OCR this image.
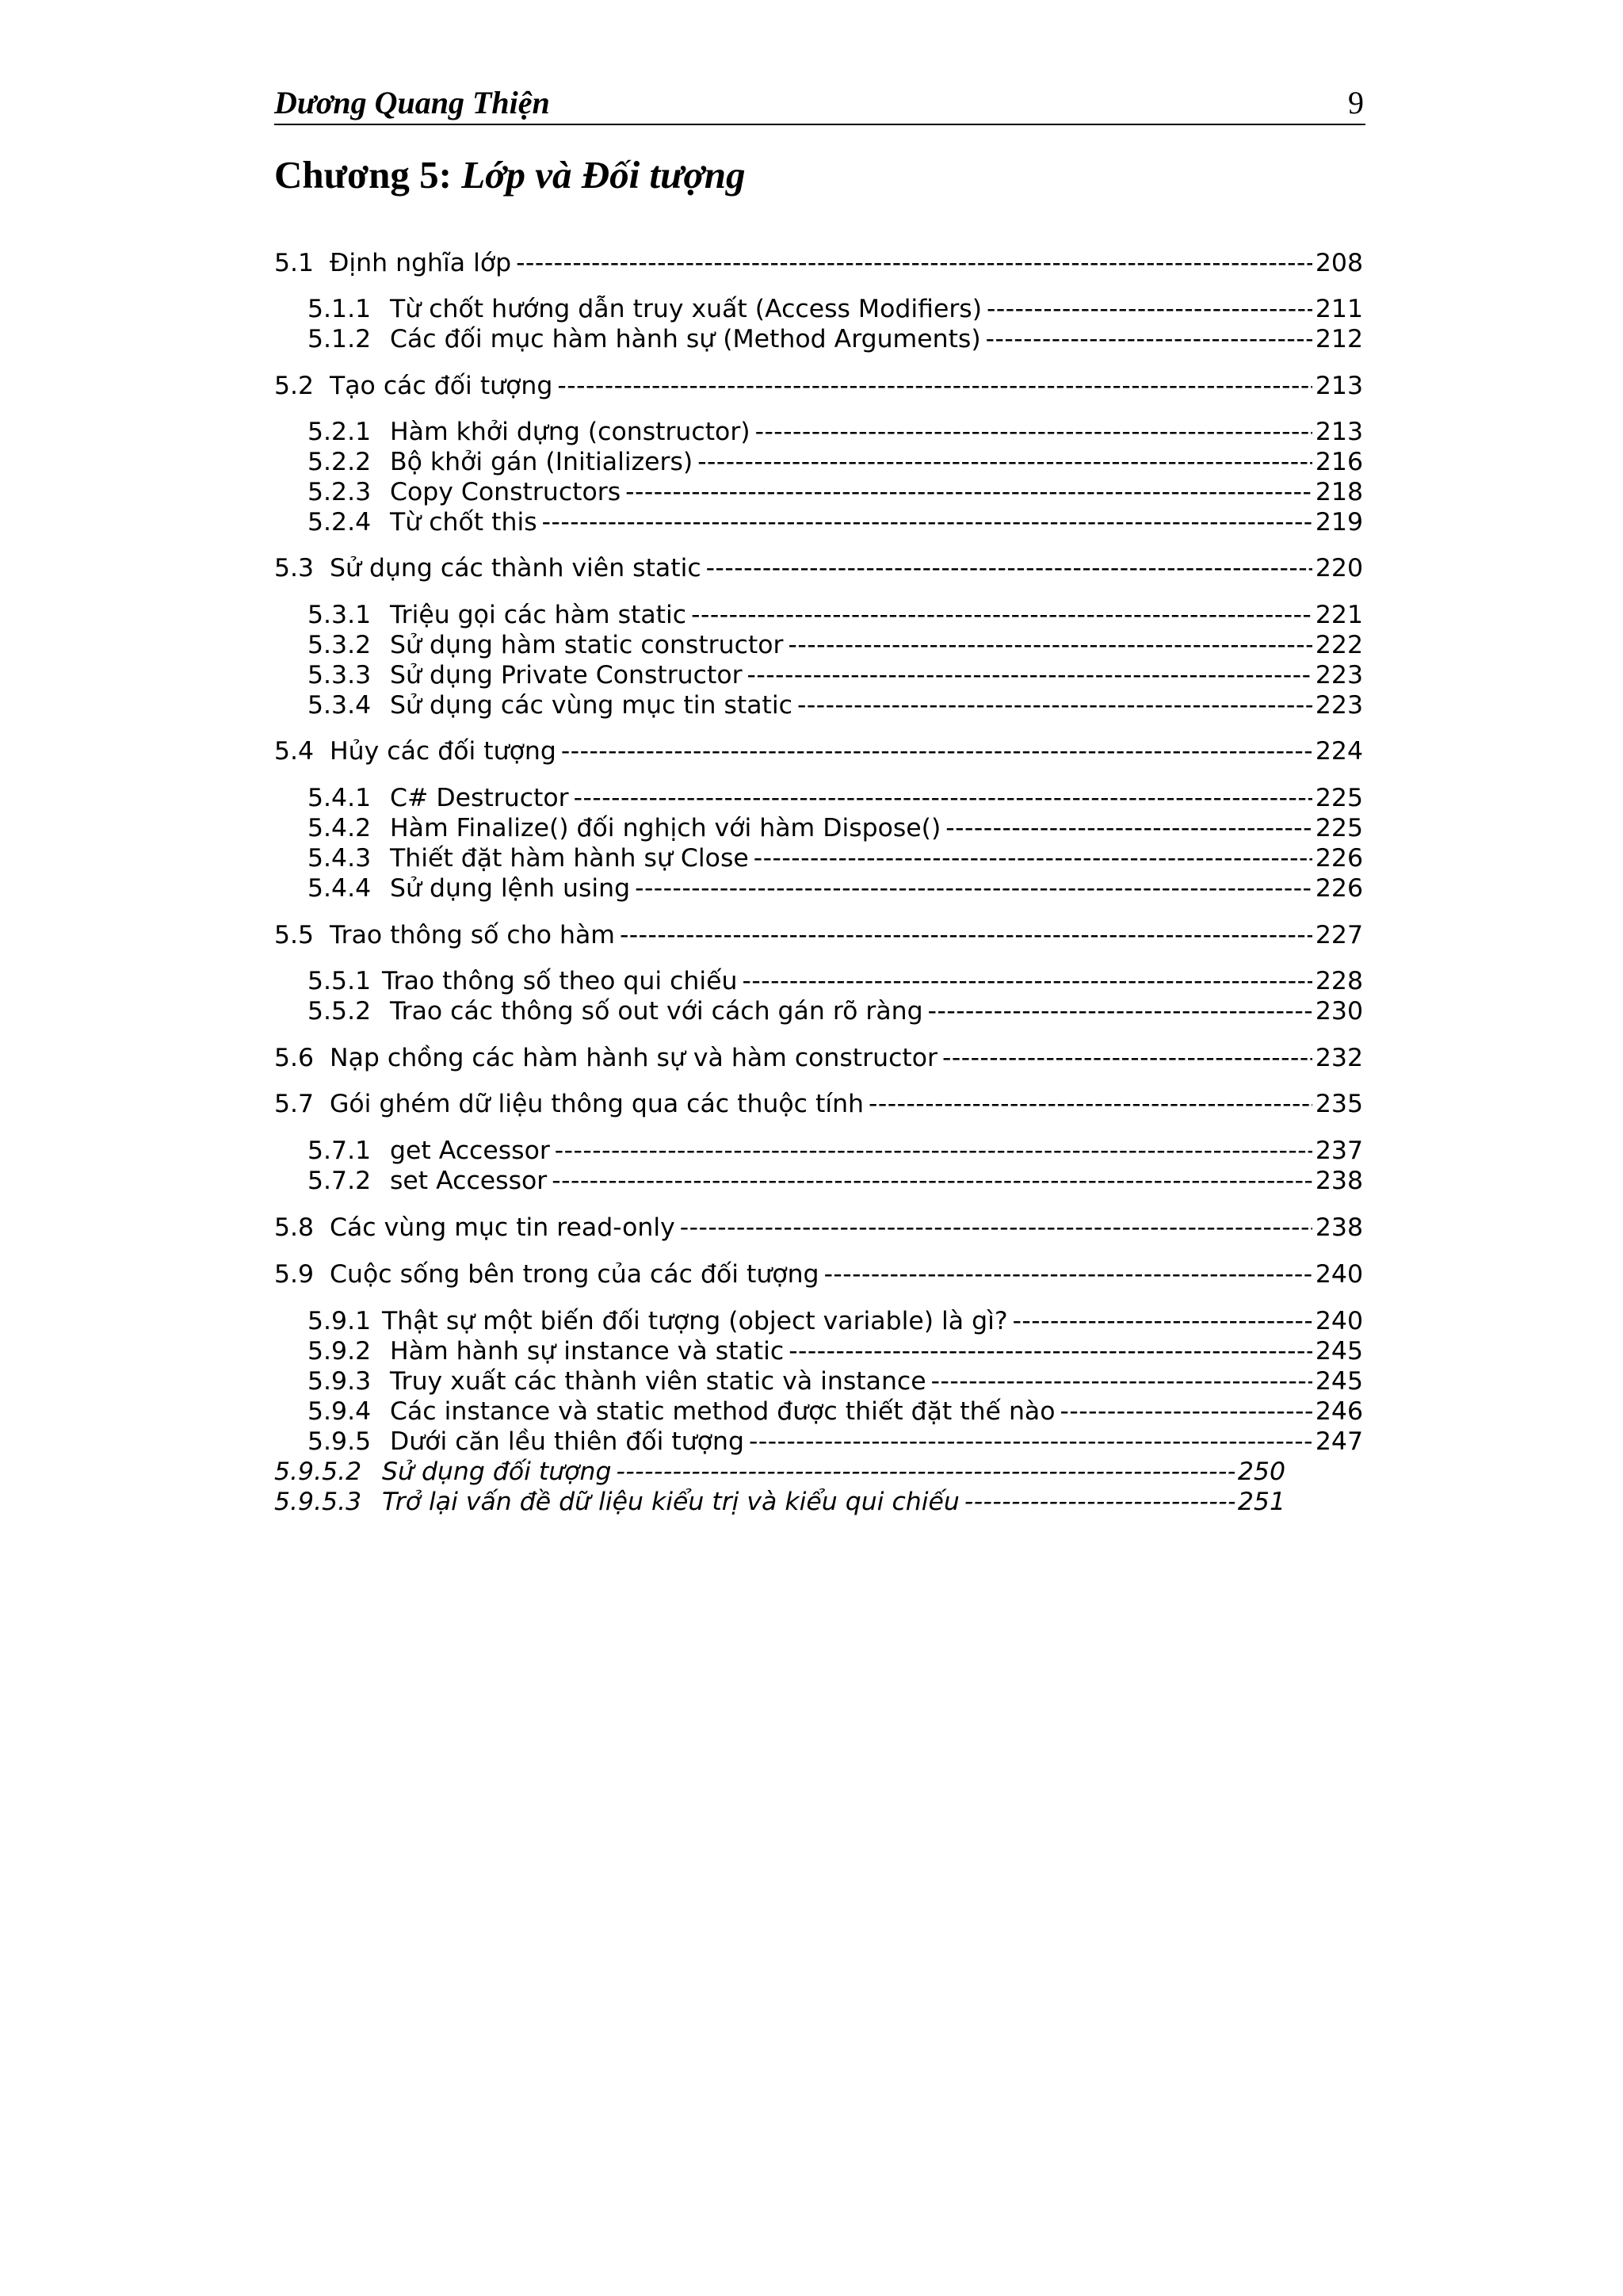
Dương Quang Thiện	9
Chương 5: Lớp và Đối tượng
5.1 Định nghĩa lớp -----	208
5.1.1 Từ chốt hướng dẫn truy xuất (Access Modifiers) -----	211
5.1.2 Các đối mục hàm hành sự (Method Arguments) -----	212
5.2 Tạo các đối tượng -----	213
5.2.1 Hàm khởi dựng (constructor) -----	213
5.2.2 Bộ khởi gán (Initializers) -----	216
5.2.3 Copy Constructors -----	218
5.2.4 Từ chốt this -----	219
5.3 Sử dụng các thành viên static -----	220
5.3.1 Triệu gọi các hàm static -----	221
5.3.2 Sử dụng hàm static constructor -----	222
5.3.3 Sử dụng Private Constructor -----	223
5.3.4 Sử dụng các vùng mục tin static -----	223
5.4 Hủy các đối tượng -----	224
5.4.1 C# Destructor -----	225
5.4.2 Hàm Finalize() đối nghịch với hàm Dispose() -----	225
5.4.3 Thiết đặt hàm hành sự Close -----	226
5.4.4 Sử dụng lệnh using -----	226
5.5 Trao thông số cho hàm -----	227
5.5.1 Trao thông số theo qui chiếu -----	228
5.5.2 Trao các thông số out với cách gán rõ ràng -----	230
5.6 Nạp chồng các hàm hành sự và hàm constructor -----	232
5.7 Gói ghém dữ liệu thông qua các thuộc tính -----	235
5.7.1 get Accessor -----	237
5.7.2 set Accessor -----	238
5.8 Các vùng mục tin read-only -----	238
5.9 Cuộc sống bên trong của các đối tượng -----	240
5.9.1 Thật sự một biến đối tượng (object variable) là gì? -----	240
5.9.2 Hàm hành sự instance và static -----	245
5.9.3 Truy xuất các thành viên static và instance -----	245
5.9.4 Các instance và static method được thiết đặt thế nào -----	246
5.9.5 Dưới căn lều thiên đối tượng -----	247
5.9.5.2 Sử dụng đối tượng -----	250
5.9.5.3 Trở lại vấn đề dữ liệu kiểu trị và kiểu qui chiếu -----	251
